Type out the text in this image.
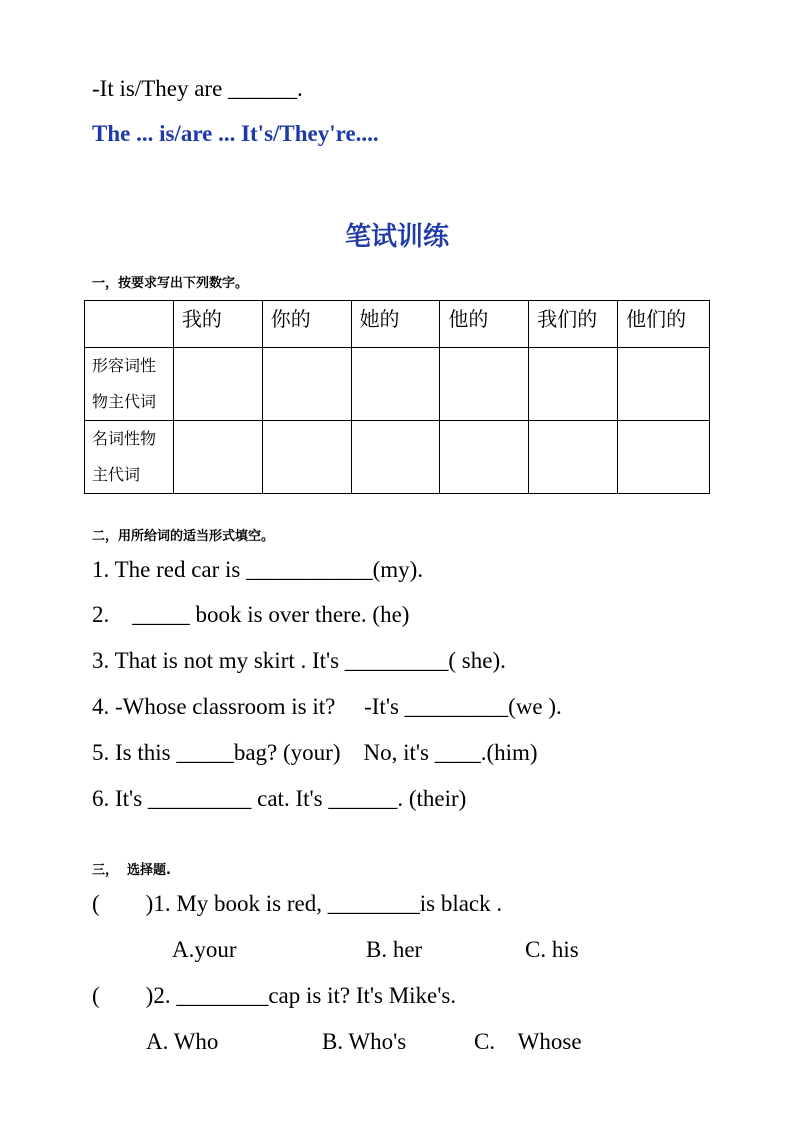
-It is/They are ______.
The ... is/are ... It's/They're....
笔试训练
一，按要求写出下列数字。

	我的	你的	她的	他的	我们的	他们的

形容词性
物主代词						

名词性物
主代词						

二，用所给词的适当形式填空。
1. The red car is ___________(my).
2.    _____ book is over there. (he)
3. That is not my skirt . It's _________( she).
4. -Whose classroom is it?     -It's _________(we ).
5. Is this _____bag? (your)    No, it's ____.(him)
6. It's _________ cat. It's ______. (their)
三，  选择题.
(        )1. My book is red, ________is black .
A.your	B. her	C. his
(        )2. ________cap is it? It's Mike's.
A. Who	B. Who's	C.    Whose
